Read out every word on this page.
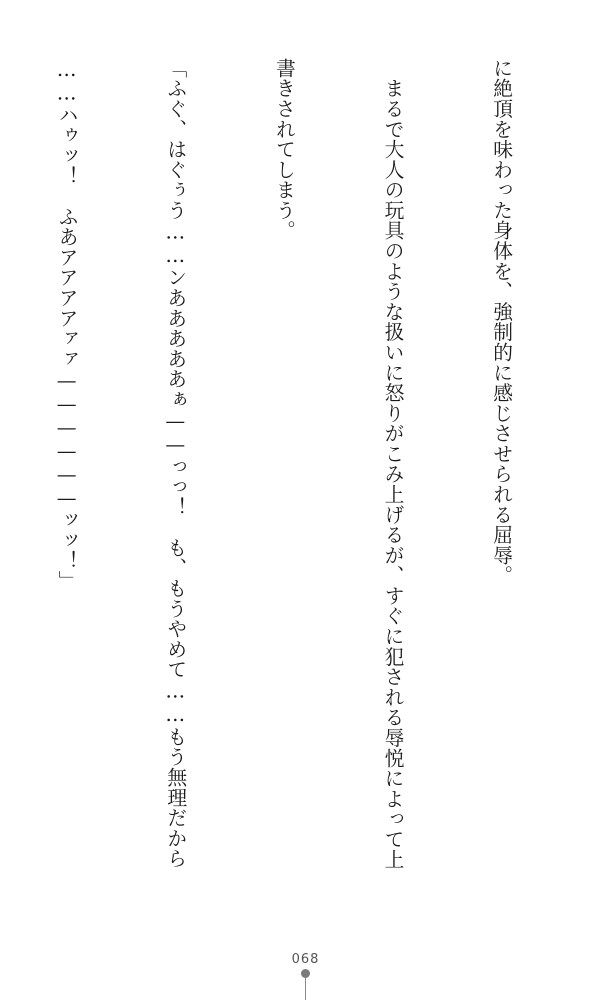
に絶頂を味わった身体を、強制的に感じさせられる屈辱。

　まるで大人の玩具のような扱いに怒りがこみ上げるが、すぐに犯される辱悦によって上

書きされてしまう。

「ふぐ、はぐぅう……ンあああああぁ——っっ！　も、もうやめて……もう無理だから

……ハゥッ！　ふあアアアアァァ——————ッッ！」

068
